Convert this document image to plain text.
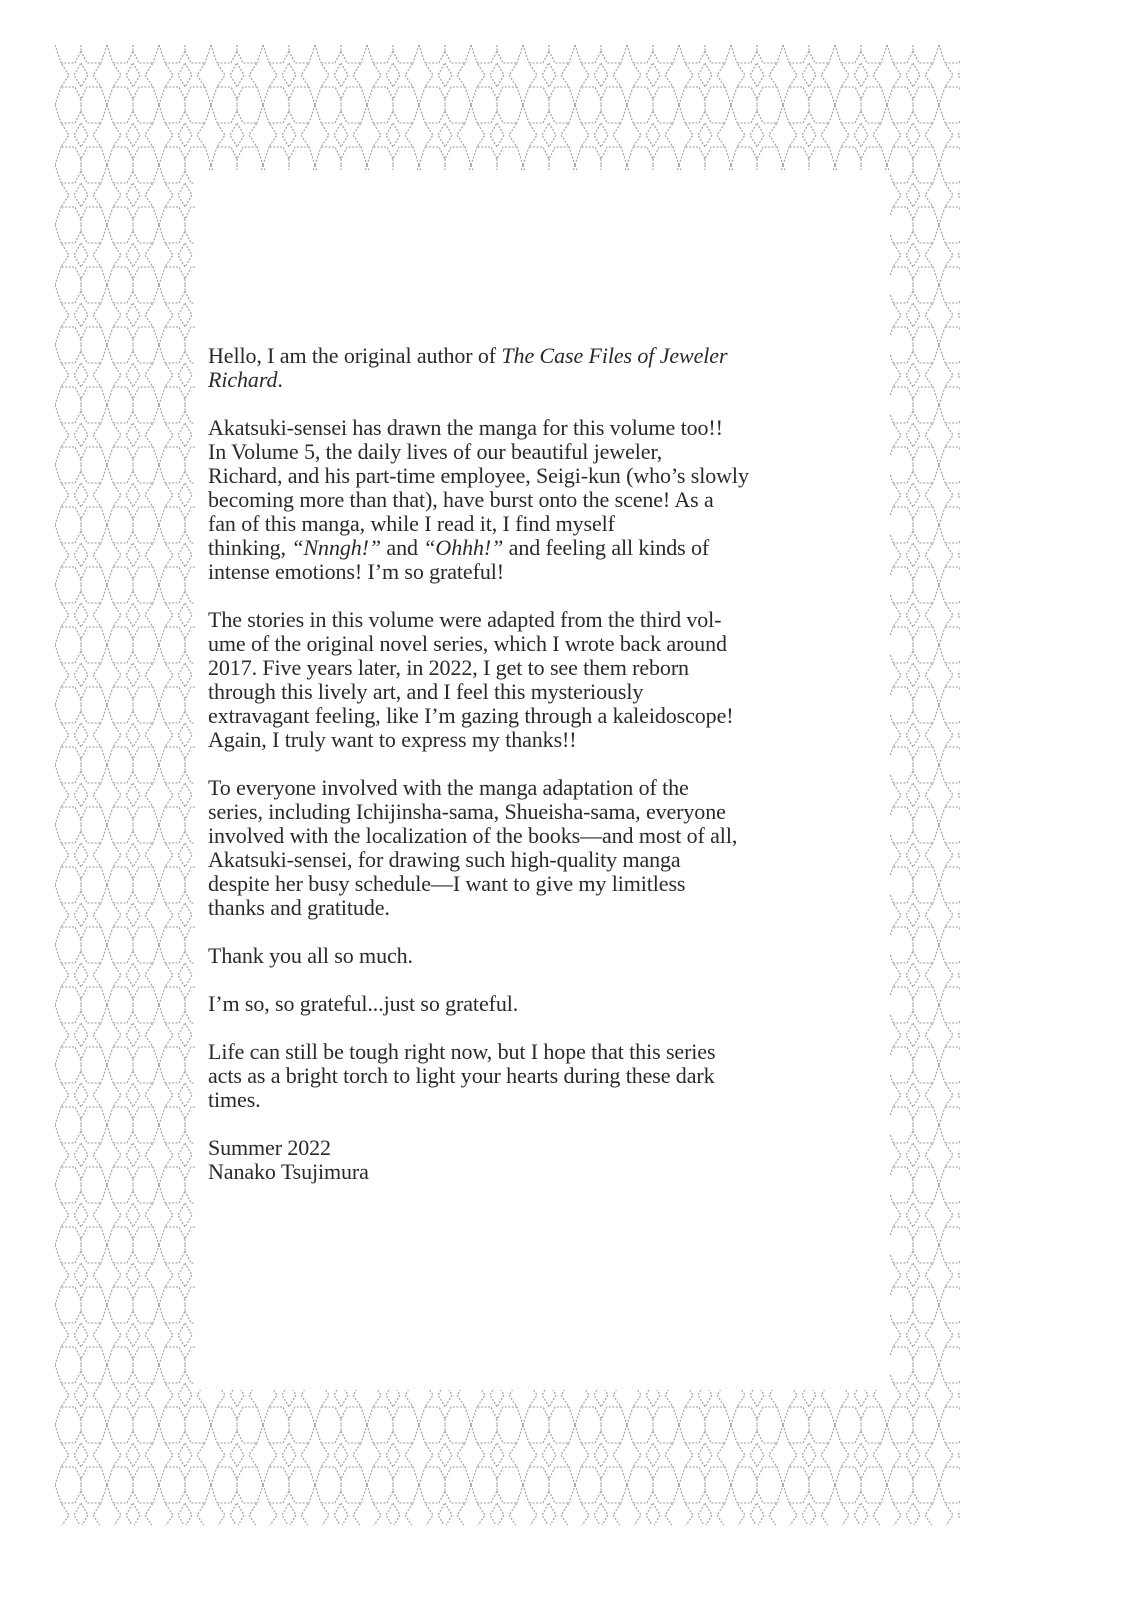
Hello, I am the original author of The Case Files of Jeweler
Richard.

Akatsuki-sensei has drawn the manga for this volume too!!
In Volume 5, the daily lives of our beautiful jeweler,
Richard, and his part-time employee, Seigi-kun (who’s slowly
becoming more than that), have burst onto the scene! As a
fan of this manga, while I read it, I find myself
thinking, “Nnngh!” and “Ohhh!” and feeling all kinds of
intense emotions! I’m so grateful!

The stories in this volume were adapted from the third vol-
ume of the original novel series, which I wrote back around
2017. Five years later, in 2022, I get to see them reborn
through this lively art, and I feel this mysteriously
extravagant feeling, like I’m gazing through a kaleidoscope!
Again, I truly want to express my thanks!!

To everyone involved with the manga adaptation of the
series, including Ichijinsha-sama, Shueisha-sama, everyone
involved with the localization of the books—and most of all,
Akatsuki-sensei, for drawing such high-quality manga
despite her busy schedule—I want to give my limitless
thanks and gratitude.

Thank you all so much.

I’m so, so grateful...just so grateful.

Life can still be tough right now, but I hope that this series
acts as a bright torch to light your hearts during these dark
times.

Summer 2022
Nanako Tsujimura
